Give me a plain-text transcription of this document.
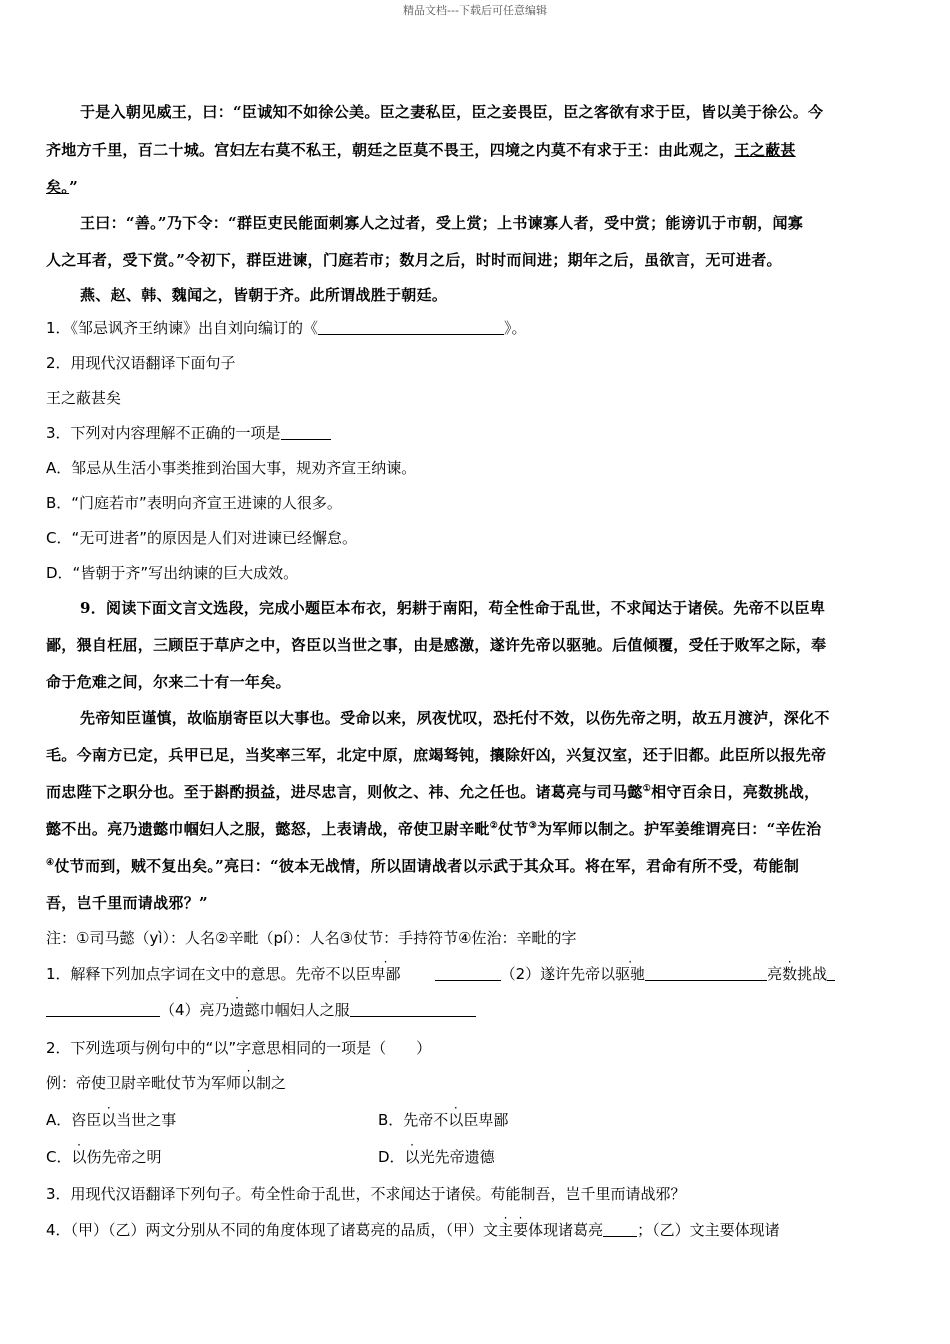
精品文档---下载后可任意编辑
于是入朝见威王，曰：“臣诚知不如徐公美。臣之妻私臣，臣之妾畏臣，臣之客欲有求于臣，皆以美于徐公。今
齐地方千里，百二十城。宫妇左右莫不私王，朝廷之臣莫不畏王，四境之内莫不有求于王：由此观之，王之蔽甚
矣。”
王曰：“善。”乃下令：“群臣吏民能面刺寡人之过者，受上赏；上书谏寡人者，受中赏；能谤讥于市朝，闻寡
人之耳者，受下赏。”令初下，群臣进谏，门庭若市；数月之后，时时而间进；期年之后，虽欲言，无可进者。
燕、赵、韩、魏闻之，皆朝于齐。此所谓战胜于朝廷。
1．《邹忌讽齐王纳谏》出自刘向编订的《	》。
2．用现代汉语翻译下面句子
王之蔽甚矣
3．下列对内容理解不正确的一项是
A．邹忌从生活小事类推到治国大事，规劝齐宣王纳谏。
B．“门庭若市”表明向齐宣王进谏的人很多。
C．“无可进者”的原因是人们对进谏已经懈怠。
D．“皆朝于齐”写出纳谏的巨大成效。
9．阅读下面文言文选段，完成小题臣本布衣，躬耕于南阳，苟全性命于乱世，不求闻达于诸侯。先帝不以臣卑
鄙，猥自枉屈，三顾臣于草庐之中，咨臣以当世之事，由是感激，遂许先帝以驱驰。后值倾覆，受任于败军之际，奉
命于危难之间，尔来二十有一年矣。
先帝知臣谨慎，故临崩寄臣以大事也。受命以来，夙夜忧叹，恐托付不效，以伤先帝之明，故五月渡泸，深化不
毛。今南方已定，兵甲已足，当奖率三军，北定中原，庶竭驽钝，攘除奸凶，兴复汉室，还于旧都。此臣所以报先帝
而忠陛下之职分也。至于斟酌损益，进尽忠言，则攸之、祎、允之任也。诸葛亮与司马懿①相守百余日，亮数挑战，
懿不出。亮乃遗懿巾帼妇人之服，懿怒，上表请战，帝使卫尉辛毗②仗节③为军师以制之。护军姜维谓亮曰：“辛佐治
④仗节而到，贼不复出矣。”亮曰：“彼本无战情，所以固请战者以示武于其众耳。将在军，君命有所不受，苟能制
吾，岂千里而请战邪？”
注：①司马懿（yì）：人名②辛毗（pí）：人名③仗节：手持符节④佐治：辛毗的字
1．解释下列加点字词在文中的意思。先帝不以臣卑鄙	（2）遂许先帝以驱驰	亮数挑战
（4）亮乃遗懿巾帼妇人之服
2．下列选项与例句中的“以”字意思相同的一项是（　　）
例：帝使卫尉辛毗仗节为军师以制之
A．咨臣以当世之事	B．先帝不以臣卑鄙
C．以伤先帝之明	D．以光先帝遗德
3．用现代汉语翻译下列句子。苟全性命于乱世，不求闻达于诸侯。苟能制吾，岂千里而请战邪？
4．（甲）（乙）两文分别从不同的角度体现了诸葛亮的品质，（甲）文主要体现诸葛亮 ；（乙）文主要体现诸
